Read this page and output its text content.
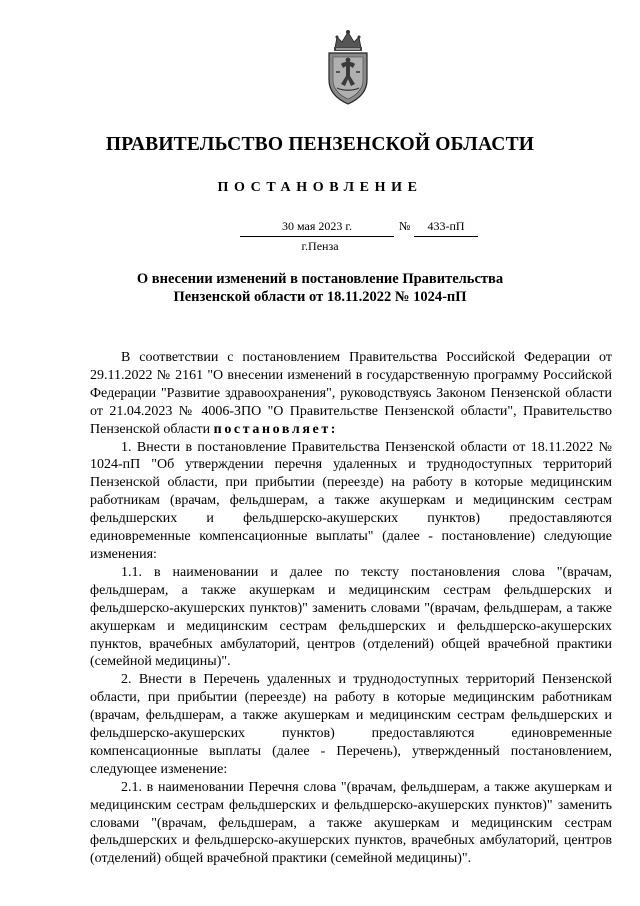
ПРАВИТЕЛЬСТВО ПЕНЗЕНСКОЙ ОБЛАСТИ
ПОСТАНОВЛЕНИЕ
30 мая 2023 г.	№	433-пП
г.Пенза
О внесении изменений в постановление Правительства
Пензенской области от 18.11.2022 № 1024-пП

В соответствии с постановлением Правительства Российской Федерации от 29.11.2022 № 2161 "О внесении изменений в государственную программу Российской Федерации "Развитие здравоохранения", руководствуясь Законом Пензенской области от 21.04.2023 № 4006-ЗПО "О Правительстве Пензенской области", Правительство Пензенской области постановляет:

1. Внести в постановление Правительства Пензенской области от 18.11.2022 № 1024-пП "Об утверждении перечня удаленных и труднодоступных территорий Пензенской области, при прибытии (переезде) на работу в которые медицинским работникам (врачам, фельдшерам, а также акушеркам и медицинским сестрам фельдшерских и фельдшерско-акушерских пунктов) предоставляются единовременные компенсационные выплаты" (далее - постановление) следующие изменения:

1.1. в наименовании и далее по тексту постановления слова "(врачам, фельдшерам, а также акушеркам и медицинским сестрам фельдшерских и фельдшерско-акушерских пунктов)" заменить словами "(врачам, фельдшерам, а также акушеркам и медицинским сестрам фельдшерских и фельдшерско-акушерских пунктов, врачебных амбулаторий, центров (отделений) общей врачебной практики (семейной медицины)".

2. Внести в Перечень удаленных и труднодоступных территорий Пензенской области, при прибытии (переезде) на работу в которые медицинским работникам (врачам, фельдшерам, а также акушеркам и медицинским сестрам фельдшерских и фельдшерско-акушерских пунктов) предоставляются единовременные компенсационные выплаты (далее - Перечень), утвержденный постановлением, следующее изменение:

2.1. в наименовании Перечня слова "(врачам, фельдшерам, а также акушеркам и медицинским сестрам фельдшерских и фельдшерско-акушерских пунктов)" заменить словами "(врачам, фельдшерам, а также акушеркам и медицинским сестрам фельдшерских и фельдшерско-акушерских пунктов, врачебных амбулаторий, центров (отделений) общей врачебной практики (семейной медицины)".
